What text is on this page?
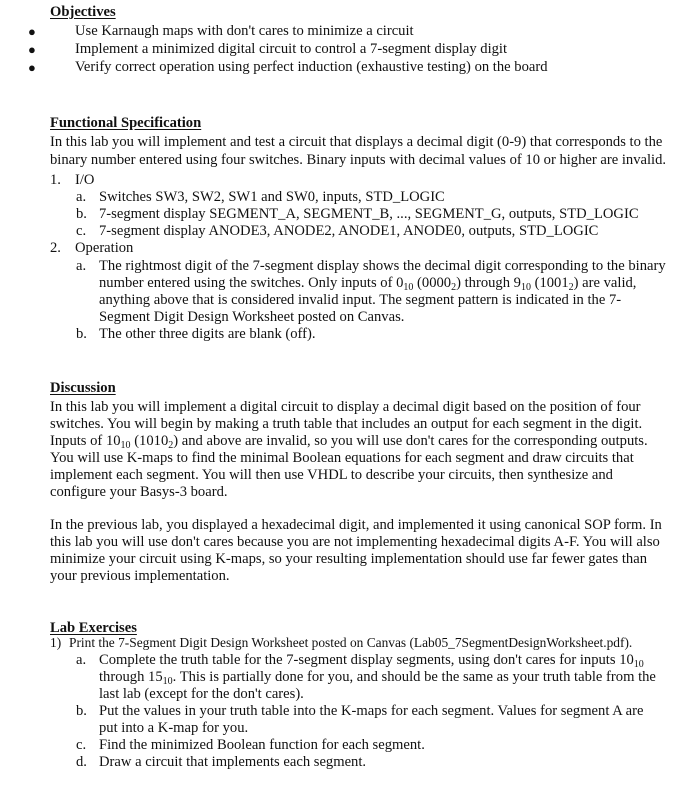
Objectives
●	Use Karnaugh maps with don't cares to minimize a circuit
●	Implement a minimized digital circuit to control a 7-segment display digit
●	Verify correct operation using perfect induction (exhaustive testing) on the board
Functional Specification
In this lab you will implement and test a circuit that displays a decimal digit (0-9) that corresponds to the
binary number entered using four switches. Binary inputs with decimal values of 10 or higher are invalid.
1. I/O
a. Switches SW3, SW2, SW1 and SW0, inputs, STD_LOGIC
b. 7-segment display SEGMENT_A, SEGMENT_B, ..., SEGMENT_G, outputs, STD_LOGIC
c. 7-segment display ANODE3, ANODE2, ANODE1, ANODE0, outputs, STD_LOGIC
2. Operation
a. The rightmost digit of the 7-segment display shows the decimal digit corresponding to the binary
number entered using the switches. Only inputs of $0_{10}$ $(0000_2)$ through $9_{10}$ $(1001_2)$ are valid,
anything above that is considered invalid input. The segment pattern is indicated in the 7-
Segment Digit Design Worksheet posted on Canvas.
b. The other three digits are blank (off).
Discussion
In this lab you will implement a digital circuit to display a decimal digit based on the position of four
switches. You will begin by making a truth table that includes an output for each segment in the digit.
Inputs of $10_{10}$ $(1010_2)$ and above are invalid, so you will use don't cares for the corresponding outputs.
You will use K-maps to find the minimal Boolean equations for each segment and draw circuits that
implement each segment. You will then use VHDL to describe your circuits, then synthesize and
configure your Basys-3 board.
In the previous lab, you displayed a hexadecimal digit, and implemented it using canonical SOP form. In
this lab you will use don't cares because you are not implementing hexadecimal digits A-F. You will also
minimize your circuit using K-maps, so your resulting implementation should use far fewer gates than
your previous implementation.
Lab Exercises
1) Print the 7-Segment Digit Design Worksheet posted on Canvas (Lab05_7SegmentDesignWorksheet.pdf).
a. Complete the truth table for the 7-segment display segments, using don't cares for inputs $10_{10}$
through $15_{10}$. This is partially done for you, and should be the same as your truth table from the
last lab (except for the don't cares).
b. Put the values in your truth table into the K-maps for each segment. Values for segment A are
put into a K-map for you.
c. Find the minimized Boolean function for each segment.
d. Draw a circuit that implements each segment.
